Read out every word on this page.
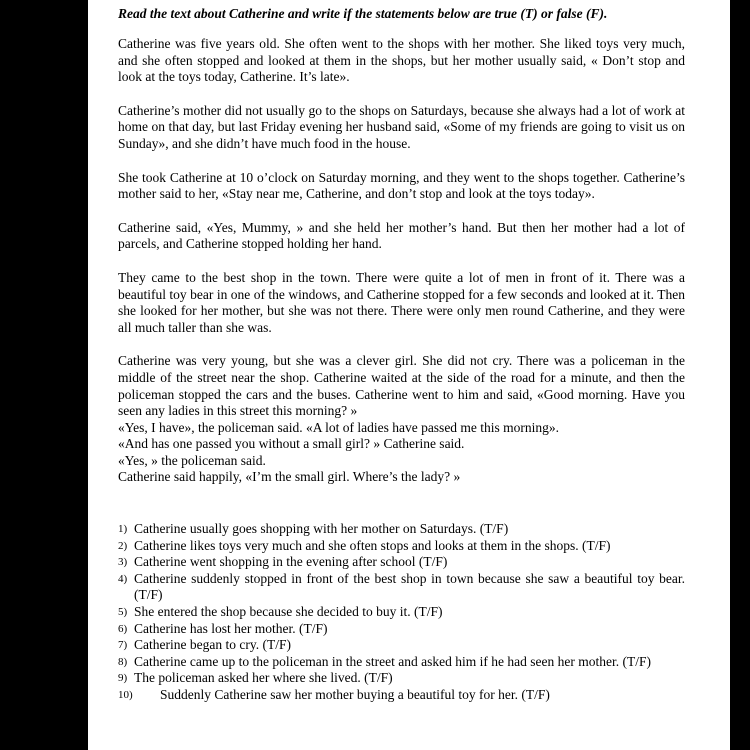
Read the text about Catherine and write if the statements below are true (T) or false (F).

Catherine was five years old. She often went to the shops with her mother. She liked toys very much, and she often stopped and looked at them in the shops, but her mother usually said, « Don’t stop and look at the toys today, Catherine. It’s late».

Catherine’s mother did not usually go to the shops on Saturdays, because she always had a lot of work at home on that day, but last Friday evening her husband said, «Some of my friends are going to visit us on Sunday», and she didn’t have much food in the house.

She took Catherine at 10 o’clock on Saturday morning, and they went to the shops together. Catherine’s mother said to her, «Stay near me, Catherine, and don’t stop and look at the toys today».

Catherine said, «Yes, Mummy, » and she held her mother’s hand. But then her mother had a lot of parcels, and Catherine stopped holding her hand.

They came to the best shop in the town. There were quite a lot of men in front of it. There was a beautiful toy bear in one of the windows, and Catherine stopped for a few seconds and looked at it. Then she looked for her mother, but she was not there. There were only men round Catherine, and they were all much taller than she was.

Catherine was very young, but she was a clever girl. She did not cry. There was a policeman in the middle of the street near the shop. Catherine waited at the side of the road for a minute, and then the policeman stopped the cars and the buses. Catherine went to him and said, «Good morning. Have you seen any ladies in this street this morning? »
«Yes, I have», the policeman said. «A lot of ladies have passed me this morning».
«And has one passed you without a small girl? » Catherine said.
«Yes, » the policeman said.
Catherine said happily, «I’m the small girl. Where’s the lady? »
1) Catherine usually goes shopping with her mother on Saturdays. (T/F)
2) Catherine likes toys very much and she often stops and looks at them in the shops. (T/F)
3) Catherine went shopping in the evening after school (T/F)
4) Catherine suddenly stopped in front of the best shop in town because she saw a beautiful toy bear. (T/F)
5) She entered the shop because she decided to buy it. (T/F)
6) Catherine has lost her mother. (T/F)
7) Catherine began to cry. (T/F)
8) Catherine came up to the policeman in the street and asked him if he had seen her mother. (T/F)
9) The policeman asked her where she lived. (T/F)
10) Suddenly Catherine saw her mother buying a beautiful toy for her. (T/F)
